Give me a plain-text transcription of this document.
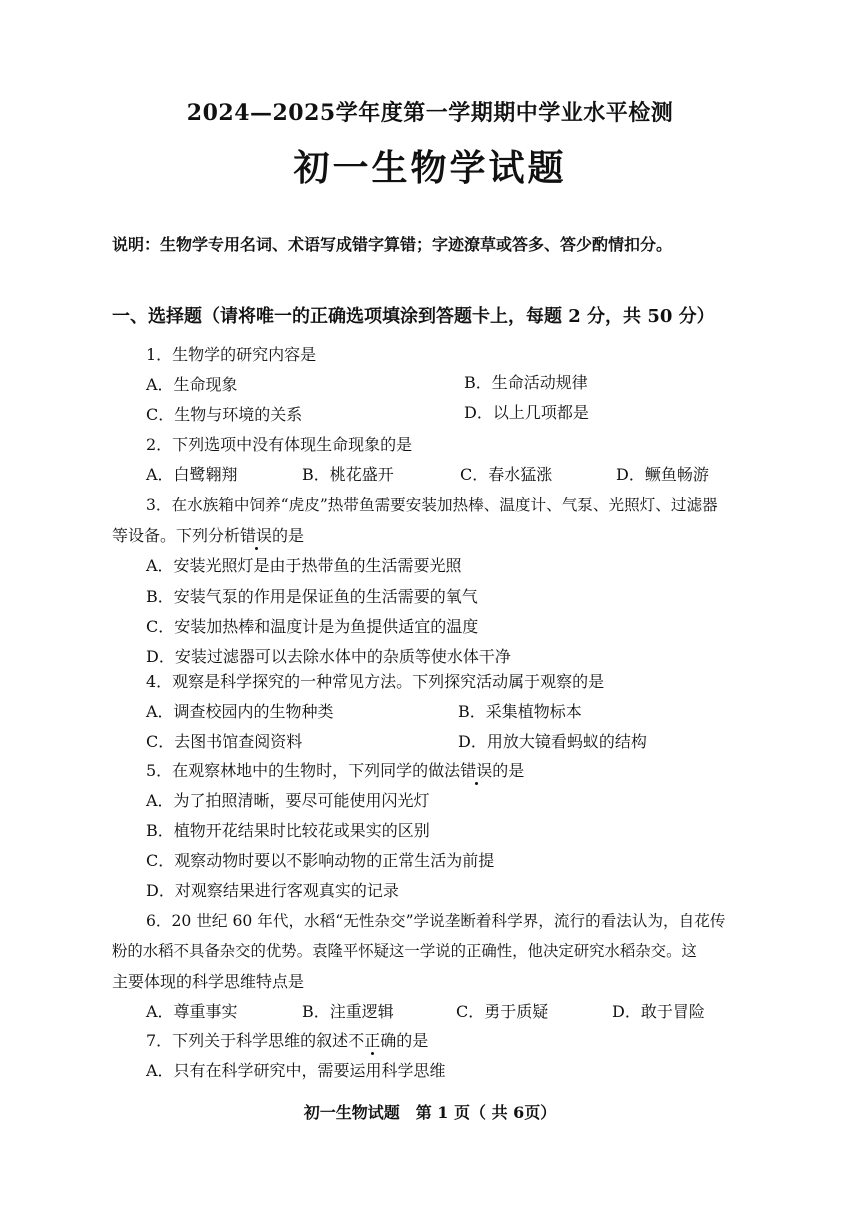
2024—2025学年度第一学期期中学业水平检测
初一生物学试题
说明：生物学专用名词、术语写成错字算错；字迹潦草或答多、答少酌情扣分。
一、选择题（请将唯一的正确选项填涂到答题卡上，每题 2 分，共 50 分）
1．生物学的研究内容是
A．生命现象	B．生命活动规律
C．生物与环境的关系	D．以上几项都是
2．下列选项中没有体现生命现象的是
A．白鹭翱翔	B．桃花盛开	C．春水猛涨	D．鳜鱼畅游
3．在水族箱中饲养“虎皮”热带鱼需要安装加热棒、温度计、气泵、光照灯、过滤器
等设备。下列分析错误的是
A．安装光照灯是由于热带鱼的生活需要光照
B．安装气泵的作用是保证鱼的生活需要的氧气
C．安装加热棒和温度计是为鱼提供适宜的温度
D．安装过滤器可以去除水体中的杂质等使水体干净
4．观察是科学探究的一种常见方法。下列探究活动属于观察的是
A．调查校园内的生物种类	B．采集植物标本
C．去图书馆查阅资料	D．用放大镜看蚂蚁的结构
5．在观察林地中的生物时，下列同学的做法错误的是
A．为了拍照清晰，要尽可能使用闪光灯
B．植物开花结果时比较花或果实的区别
C．观察动物时要以不影响动物的正常生活为前提
D．对观察结果进行客观真实的记录
6．20 世纪 60 年代，水稻“无性杂交”学说垄断着科学界，流行的看法认为，自花传
粉的水稻不具备杂交的优势。袁隆平怀疑这一学说的正确性，他决定研究水稻杂交。这
主要体现的科学思维特点是
A．尊重事实	B．注重逻辑	C．勇于质疑	D．敢于冒险
7．下列关于科学思维的叙述不正确的是
A．只有在科学研究中，需要运用科学思维
初一生物试题　第 1 页（ 共 6页）
